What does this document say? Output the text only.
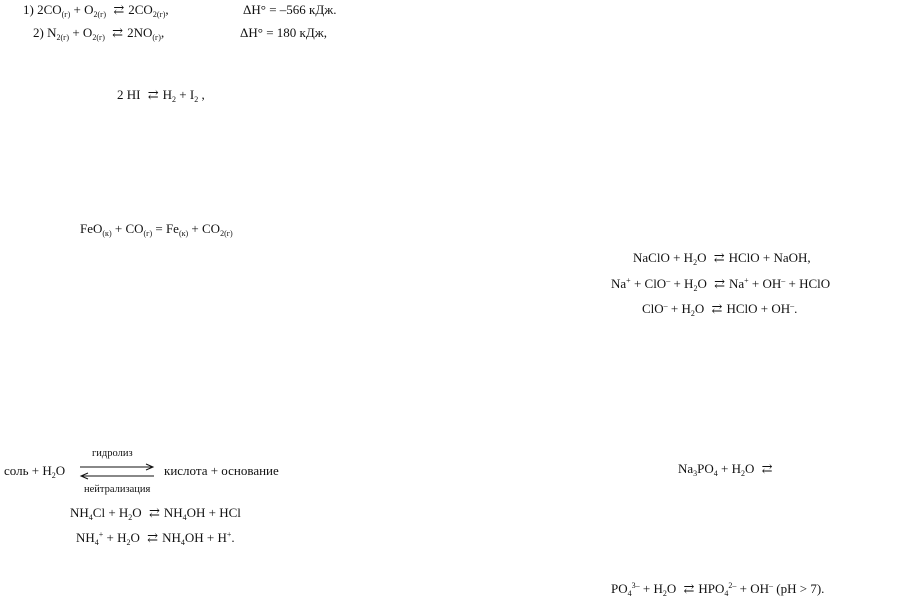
1) $2CO_{(г)} + O_{2(г)}$ ⇄ $2CO_{2(г)}$,	ΔH° = –566 кДж.
2) $N_{2(г)} + O_{2(г)}$ ⇄ $2NO_{(г)}$,	ΔH° = 180 кДж,
2 HI ⇄ $H_2 + I_2$ ,
$FeO_{(к)} + CO_{(г)} = Fe_{(к)} + CO_{2(г)}$
NaClO + $H_2O$ ⇄ HClO + NaOH,
$Na^+ + ClO^- + H_2O$ ⇄ Na+ + OH– + HClO
$ClO^- + H_2O$ ⇄ HClO + OH–.
гидролиз
соль + $H_2O$	кислота + основание
нейтрализация
$NH_4Cl + H_2O$ ⇄ $NH_4OH$ + HCl
$NH_4^+ + H_2O$ ⇄ $NH_4OH + H^+$.
$Na_3PO_4 + H_2O$ ⇄
$PO_4^{3-} + H_2O$ ⇄ $HPO_4^{2-} + OH^-$ (pH > 7).
